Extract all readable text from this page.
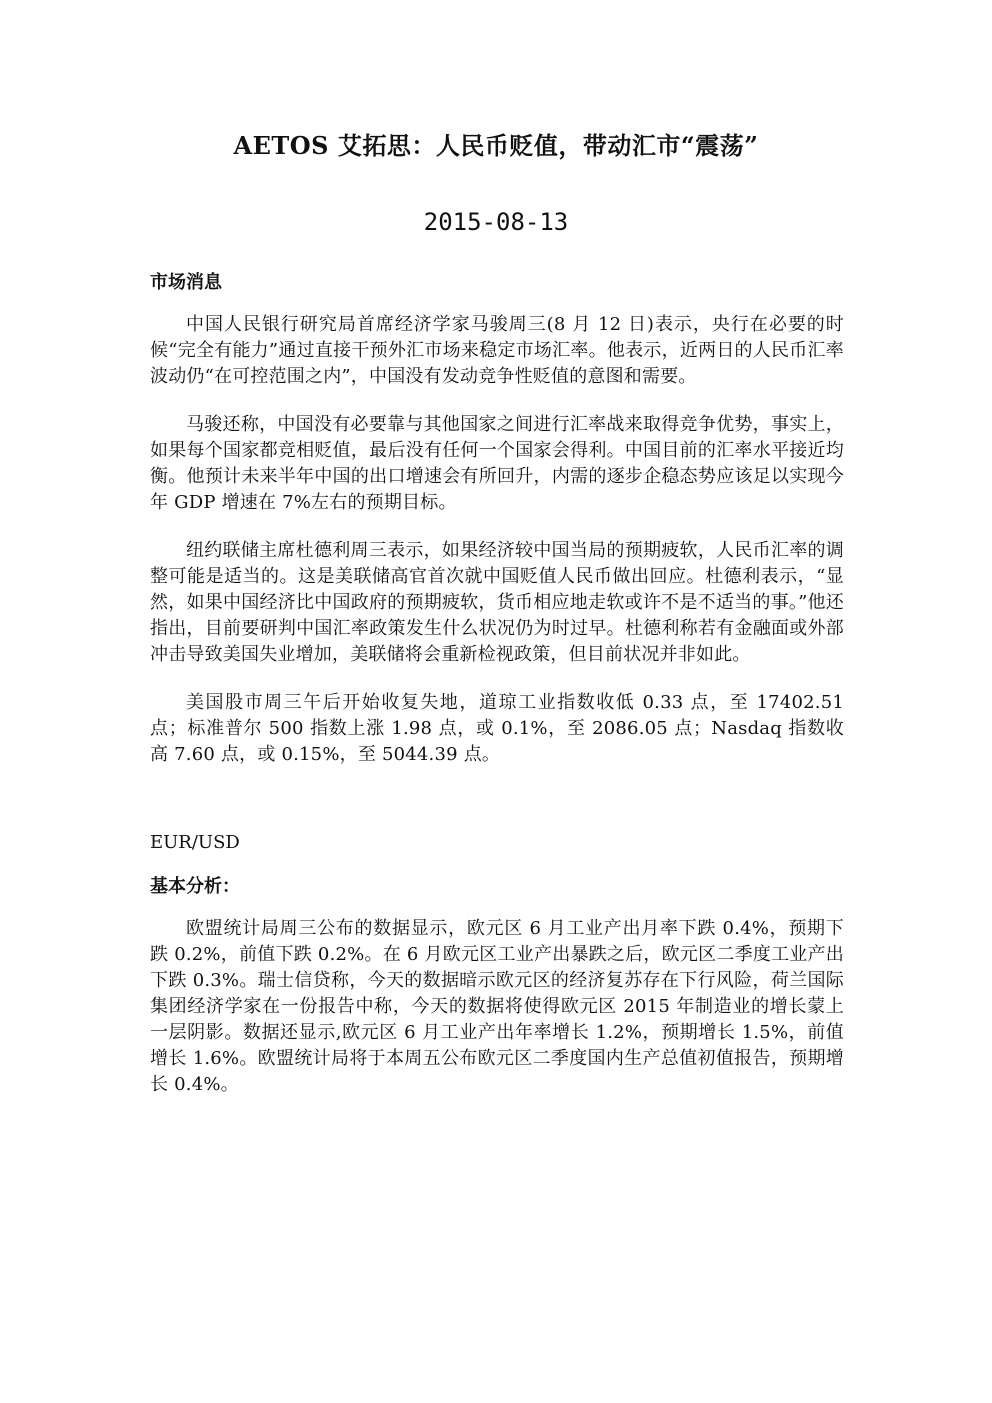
AETOS 艾拓思：人民币贬值，带动汇市“震荡”
2015-08-13
市场消息

中国人民银行研究局首席经济学家马骏周三(8 月 12 日)表示，央行在必要的时候“完全有能力”通过直接干预外汇市场来稳定市场汇率。他表示，近两日的人民币汇率波动仍“在可控范围之内”，中国没有发动竞争性贬值的意图和需要。

马骏还称，中国没有必要靠与其他国家之间进行汇率战来取得竞争优势，事实上，如果每个国家都竞相贬值，最后没有任何一个国家会得利。中国目前的汇率水平接近均衡。他预计未来半年中国的出口增速会有所回升，内需的逐步企稳态势应该足以实现今年 GDP 增速在 7%左右的预期目标。

纽约联储主席杜德利周三表示，如果经济较中国当局的预期疲软，人民币汇率的调整可能是适当的。这是美联储高官首次就中国贬值人民币做出回应。杜德利表示，“显然，如果中国经济比中国政府的预期疲软，货币相应地走软或许不是不适当的事。”他还指出，目前要研判中国汇率政策发生什么状况仍为时过早。杜德利称若有金融面或外部冲击导致美国失业增加，美联储将会重新检视政策，但目前状况并非如此。

美国股市周三午后开始收复失地，道琼工业指数收低 0.33 点，至 17402.51 点；标准普尔 500 指数上涨 1.98 点，或 0.1%，至 2086.05 点；Nasdaq 指数收高 7.60 点，或 0.15%，至 5044.39 点。

EUR/USD
基本分析：

欧盟统计局周三公布的数据显示，欧元区 6 月工业产出月率下跌 0.4%，预期下跌 0.2%，前值下跌 0.2%。在 6 月欧元区工业产出暴跌之后，欧元区二季度工业产出下跌 0.3%。瑞士信贷称，今天的数据暗示欧元区的经济复苏存在下行风险，荷兰国际集团经济学家在一份报告中称，今天的数据将使得欧元区 2015 年制造业的增长蒙上一层阴影。数据还显示,欧元区 6 月工业产出年率增长 1.2%，预期增长 1.5%，前值增长 1.6%。欧盟统计局将于本周五公布欧元区二季度国内生产总值初值报告，预期增长 0.4%。
